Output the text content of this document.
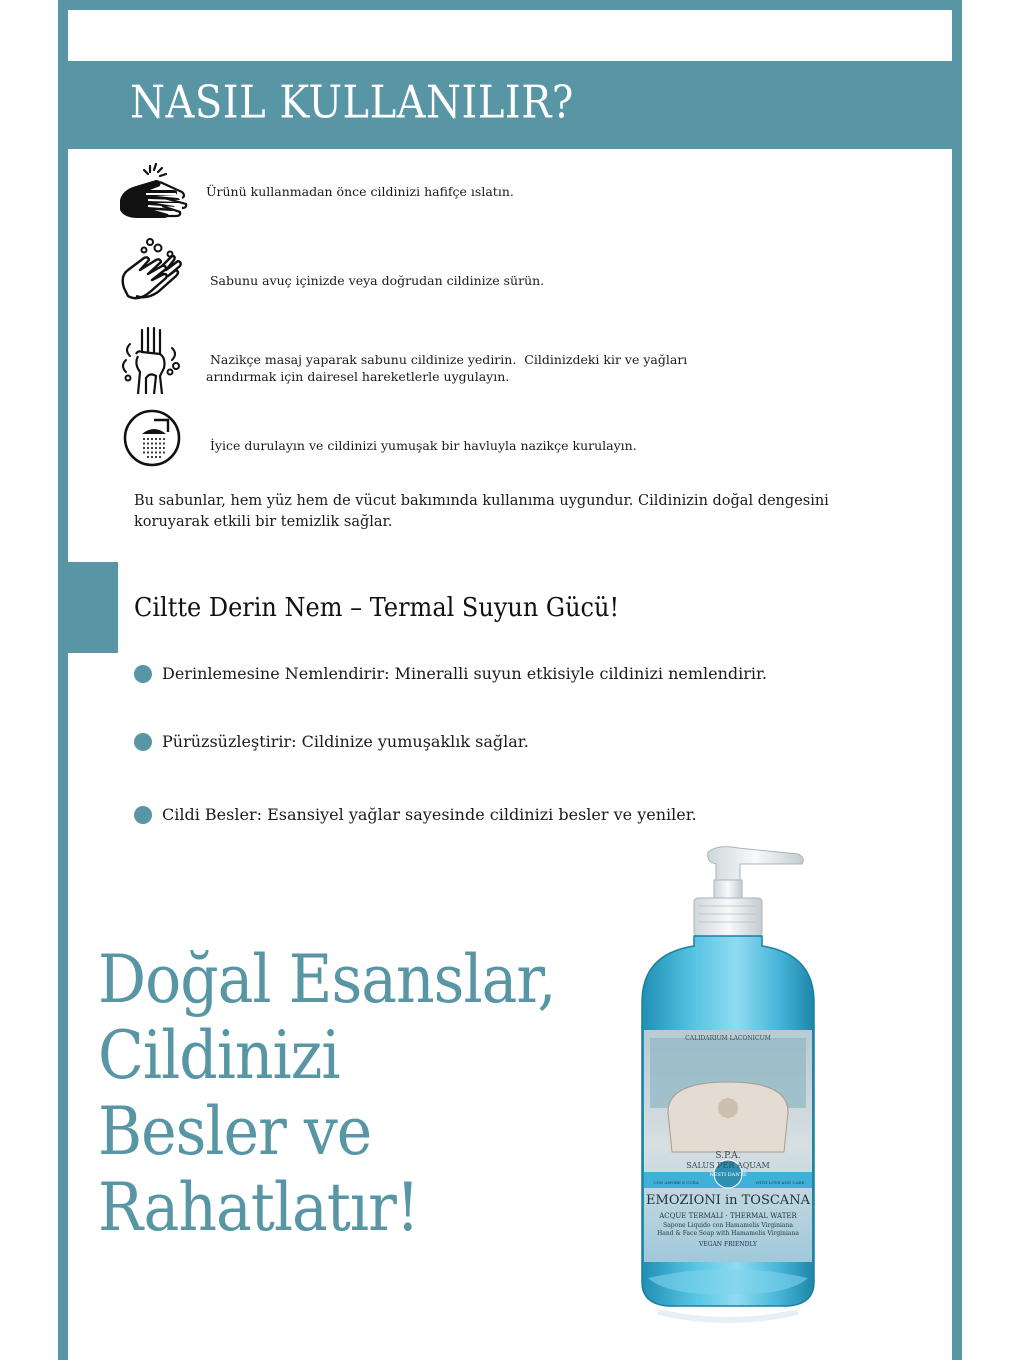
NASIL KULLANILIR?
Ürünü kullanmadan önce cildinizi hafifçe ıslatın.
Sabunu avuç içinizde veya doğrudan cildinize sürün.
Nazikçe masaj yaparak sabunu cildinize yedirin.  Cildinizdeki kir ve yağları
arındırmak için dairesel hareketlerle uygulayın.
İyice durulayın ve cildinizi yumuşak bir havluyla nazikçe kurulayın.
Bu sabunlar, hem yüz hem de vücut bakımında kullanıma uygundur. Cildinizin doğal dengesini koruyarak etkili bir temizlik sağlar.
Ciltte Derin Nem – Termal Suyun Gücü!
Derinlemesine Nemlendirir: Mineralli suyun etkisiyle cildinizi nemlendirir.
Pürüzsüzleştirir: Cildinize yumuşaklık sağlar.
Cildi Besler: Esansiyel yağlar sayesinde cildinizi besler ve yeniler.
Doğal Esanslar,
Cildinizi
Besler ve
Rahatlatır!
CALIDARIUM LACONICUM
S.P.A.
SALUS PER AQUAM
NESTI DANTE
CON AMORE E CURA	WITH LOVE AND CARE
EMOZIONI in TOSCANA
ACQUE TERMALI · THERMAL WATER
Sapone Liquido con Hamamelis Virginiana
Hand & Face Soap with Hamamelis Virginiana
VEGAN FRIENDLY
